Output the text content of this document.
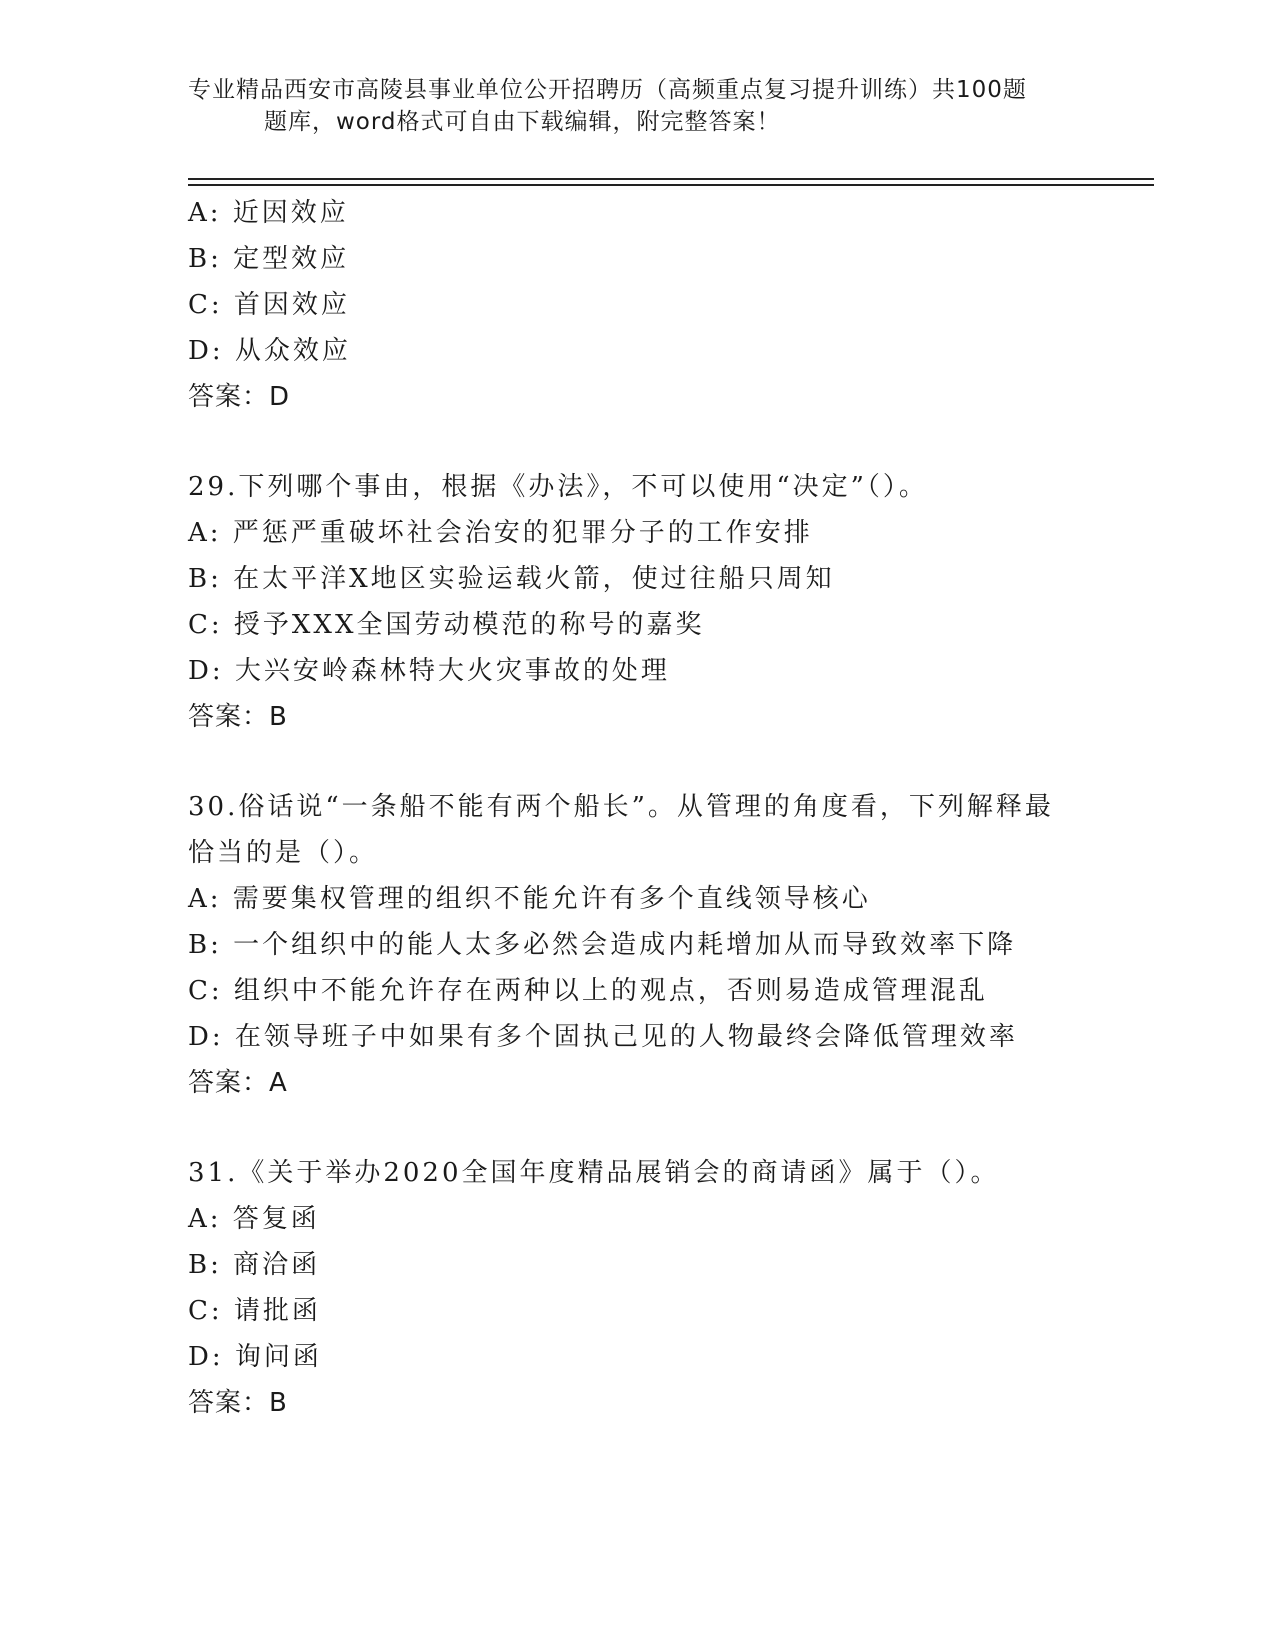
专业精品西安市高陵县事业单位公开招聘历（高频重点复习提升训练）共100题
题库，word格式可自由下载编辑，附完整答案！
A: 近因效应
B: 定型效应
C: 首因效应
D: 从众效应
答案：D
29.下列哪个事由，根据《办法》，不可以使用“决定”（）。
A: 严惩严重破坏社会治安的犯罪分子的工作安排
B: 在太平洋X地区实验运载火箭，使过往船只周知
C: 授予XXX全国劳动模范的称号的嘉奖
D: 大兴安岭森林特大火灾事故的处理
答案：B
30.俗话说“一条船不能有两个船长”。从管理的角度看，下列解释最
恰当的是（）。
A: 需要集权管理的组织不能允许有多个直线领导核心
B: 一个组织中的能人太多必然会造成内耗增加从而导致效率下降
C: 组织中不能允许存在两种以上的观点，否则易造成管理混乱
D: 在领导班子中如果有多个固执己见的人物最终会降低管理效率
答案：A
31.《关于举办2020全国年度精品展销会的商请函》属于（）。
A: 答复函
B: 商洽函
C: 请批函
D: 询问函
答案：B
